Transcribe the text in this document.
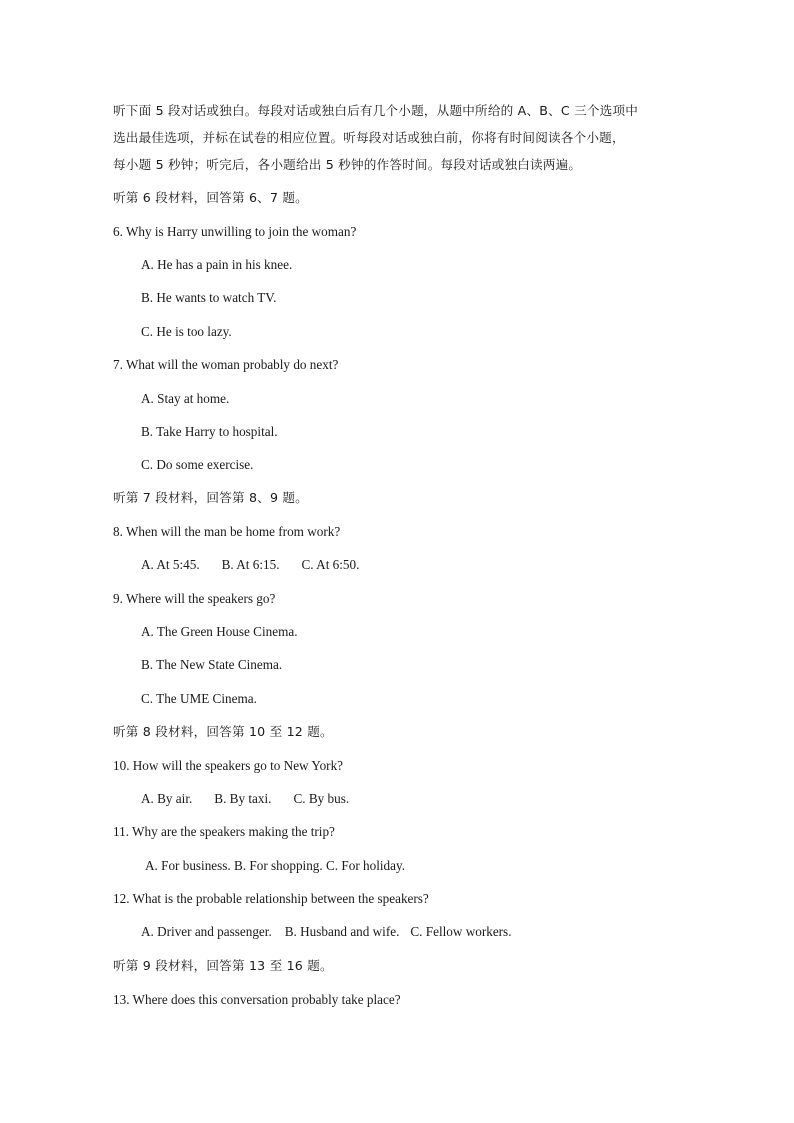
听下面 5 段对话或独白。每段对话或独白后有几个小题，从题中所给的 A、B、C 三个选项中

选出最佳选项，并标在试卷的相应位置。听每段对话或独白前，你将有时间阅读各个小题，

每小题 5 秒钟；听完后，各小题给出 5 秒钟的作答时间。每段对话或独白读两遍。

听第 6 段材料，回答第 6、7 题。

6. Why is Harry unwilling to join the woman?

A. He has a pain in his knee.

B. He wants to watch TV.

C. He is too lazy.

7. What will the woman probably do next?

A. Stay at home.

B. Take Harry to hospital.

C. Do some exercise.

听第 7 段材料，回答第 8、9 题。

8. When will the man be home from work?

A. At 5:45. B. At 6:15. C. At 6:50.

9. Where will the speakers go?

A. The Green House Cinema.

B. The New State Cinema.

C. The UME Cinema.

听第 8 段材料，回答第 10 至 12 题。

10. How will the speakers go to New York?

A. By air. B. By taxi. C. By bus.

11. Why are the speakers making the trip?

A. For business. B. For shopping. C. For holiday.

12. What is the probable relationship between the speakers?

A. Driver and passenger. B. Husband and wife. C. Fellow workers.

听第 9 段材料，回答第 13 至 16 题。

13. Where does this conversation probably take place?
